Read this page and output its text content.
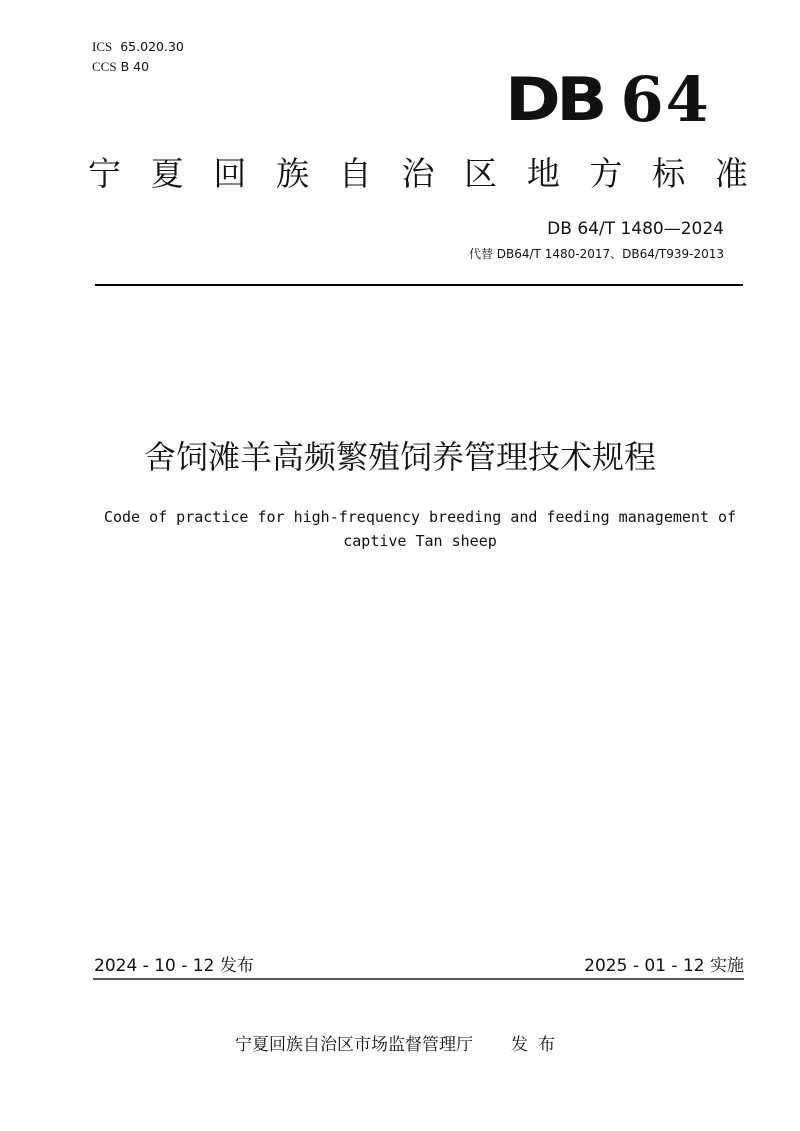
ICS 65.020.30
CCS B 40	DB 64
宁 夏 回 族 自 治 区 地 方 标 准
DB 64/T 1480—2024
代替 DB64/T 1480-2017、DB64/T939-2013
舍饲滩羊高频繁殖饲养管理技术规程
Code of practice for high-frequency breeding and feeding management of
captive Tan sheep
2024 - 10 - 12 发布	2025 - 01 - 12 实施
宁夏回族自治区市场监督管理厅 发布
